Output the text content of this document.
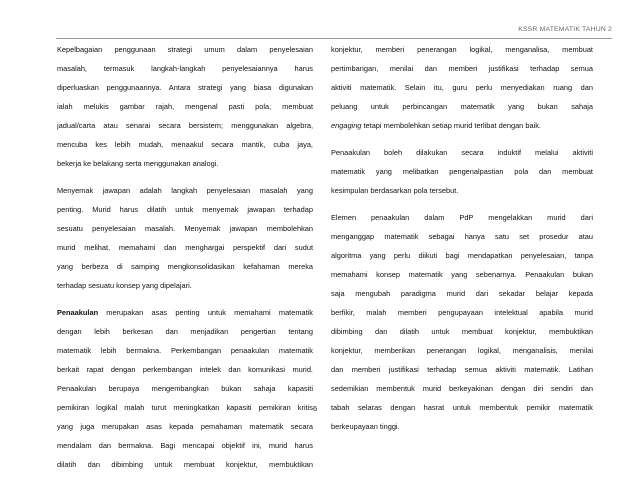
KSSR MATEMATIK TAHUN 2

Kepelbagaian penggunaan strategi umum dalam penyelesaian
masalah, termasuk langkah-langkah penyelesaiannya harus
diperluaskan penggunaannya. Antara strategi yang biasa digunakan
ialah melukis gambar rajah, mengenal pasti pola, membuat
jadual/carta atau senarai secara bersistem; menggunakan algebra,
mencuba kes lebih mudah, menaakul secara mantik, cuba jaya,
bekerja ke belakang serta menggunakan analogi.

Menyemak jawapan adalah langkah penyelesaian masalah yang
penting. Murid harus dilatih untuk menyemak jawapan terhadap
sesuatu penyelesaian masalah. Menyemak jawapan membolehkan
murid melihat, memahami dan menghargai perspektif dari sudut
yang berbeza di samping mengkonsolidasikan kefahaman mereka
terhadap sesuatu konsep yang dipelajari.

Penaakulan merupakan asas penting untuk memahami matematik
dengan lebih berkesan dan menjadikan pengertian tentang
matematik lebih bermakna. Perkembangan penaakulan matematik
berkait rapat dengan perkembangan intelek dan komunikasi murid.
Penaakulan berupaya mengembangkan bukan sahaja kapasiti
pemikiran logikal malah turut meningkatkan kapasiti pemikiran kritis
yang juga merupakan asas kepada pemahaman matematik secara
mendalam dan bermakna. Bagi mencapai objektif ini, murid harus
dilatih dan dibimbing untuk membuat konjektur, membuktikan

konjektur, memberi penerangan logikal, menganalisa, membuat
pertimbangan, menilai dan memberi justifikasi terhadap semua
aktiviti matematik. Selain itu, guru perlu menyediakan ruang dan
peluang untuk perbincangan matematik yang bukan sahaja
engaging tetapi membolehkan setiap murid terlibat dengan baik.

Penaakulan boleh dilakukan secara induktif melalui aktiviti
matematik yang melibatkan pengenalpastian pola dan membuat
kesimpulan berdasarkan pola tersebut.

Elemen penaakulan dalam PdP mengelakkan murid dari
menganggap matematik sebagai hanya satu set prosedur atau
algoritma yang perlu diikuti bagi mendapatkan penyelesaian, tanpa
memahami konsep matematik yang sebenarnya. Penaakulan bukan
saja mengubah paradigma murid dari sekadar belajar kepada
berfikir, malah memberi pengupayaan intelektual apabila murid
dibimbing dan dilatih untuk membuat konjektur, membuktikan
konjektur, memberikan penerangan logikal, menganalisis, menilai
dan memberi justifikasi terhadap semua aktiviti matematik. Latihan
sedemikian membentuk murid berkeyakinan dengan diri sendiri dan
tabah selaras dengan hasrat untuk membentuk pemikir matematik
berkeupayaan tinggi.

6
